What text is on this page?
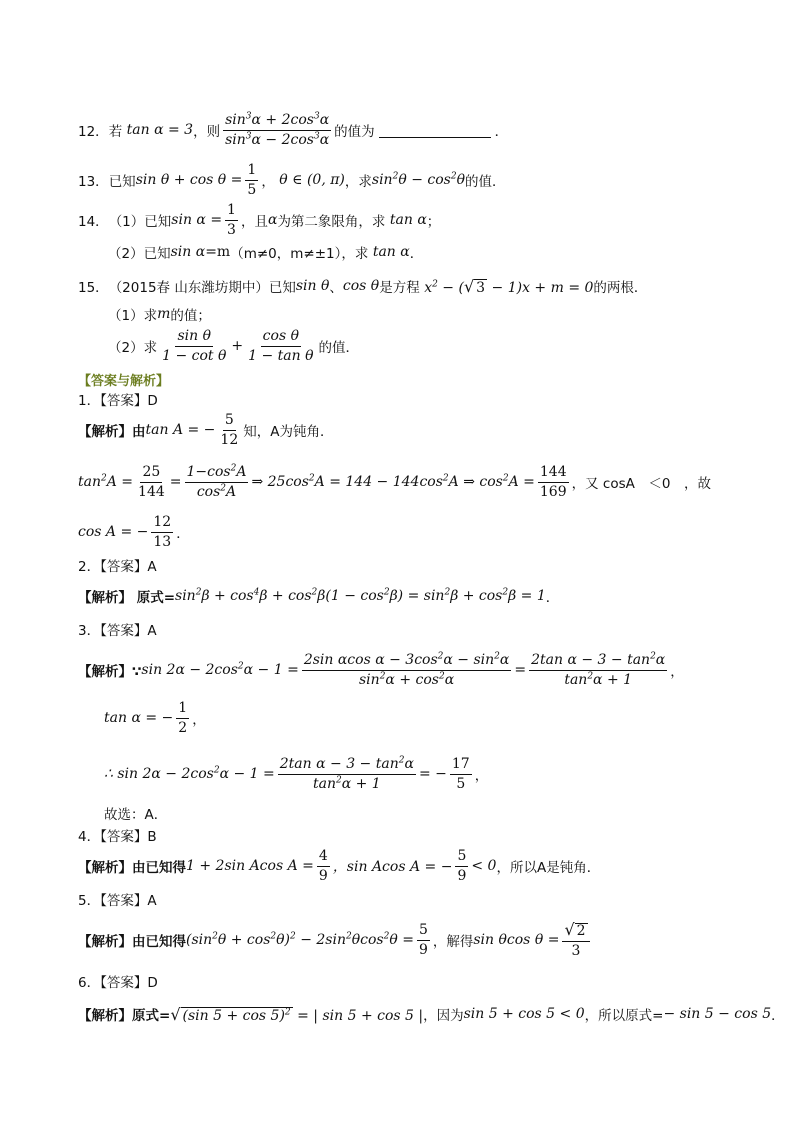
12． 若 tan α = 3 ，则 $\frac{\sin^3\alpha + 2\cos^3\alpha}{\sin^3\alpha - 2\cos^3\alpha}$ 的值为	．
13． 已知 $\sin \theta + \cos \theta = \frac{1}{5}$ ， θ ∈ (0, π) ，求 $\sin^2\theta - \cos^2\theta$ 的值．
14． （1）已知 $\sin \alpha = \frac{1}{3}$ ，且 α 为第二象限角，求 tan α ；
（2）已知 sin α =m （m≠0，m≠±1），求 tan α ．
15． （2015春 山东潍坊期中）已知 sin θ 、 cos θ 是方程 $x^2$ − ( √ 3 − 1)x + m = 0 的两根．
（1）求 m 的值；
（2）求 $\frac{\text{sin θ}}{\text{1 − cot θ}} + \frac{\text{cos θ}}{\text{1 − tan θ}}$ 的值．
【答案与解析】
1．【答案】D
【解析】由 tan A = − $\frac{5}{12}$ 知，A为钝角．
$\tan^2A = \frac{25}{144} = \frac{1-\cos^2A}{\cos^2A}$ ⇒ $25\cos^2A = 144 - 144\cos^2A$ ⇒ $\cos^2A = \frac{144}{169}$ ，又 cosA　＜0　，故
cos A = − $\frac{12}{13}$ ．
2．【答案】A
【解析】 原式= $\sin^2\beta + \cos^4\beta + \cos^2\beta(1 - \cos^2\beta) = \sin^2\beta + \cos^2\beta = 1$ ．
3．【答案】A
【解析】∵ $\sin 2\alpha - 2\cos^2\alpha - 1 = \frac{2\sin \alpha\cos \alpha - 3\cos^2\alpha - \sin^2\alpha}{\sin^2\alpha + \cos^2\alpha} = \frac{2\tan \alpha - 3 - \tan^2\alpha}{\tan^2\alpha + 1}$ ，
tan α = − $\frac{1}{2}$ ，
∴ $\sin 2\alpha - 2\cos^2\alpha - 1 = \frac{2\tan \alpha - 3 - \tan^2\alpha}{\tan^2\alpha + 1}$ = − $\frac{17}{5}$ ，
故选：A．
4．【答案】B
【解析】由已知得 1 + 2sin Acos $A = \frac{4}{9}$ ，sin Acos A = − $\frac{5}{9} < 0$ ，所以A是钝角．
5．【答案】A
【解析】由已知得 $(\sin^2\theta + \cos^2\theta)^2 - 2\sin^2\theta\cos^2\theta = \frac{5}{9}$ ，解得 sin θcos $\theta = \frac{√ 2}{3}$
6．【答案】D
【解析】原式= √ (sin 5 + cos 5)$^2$ = | sin 5 + cos 5 | ，因为 sin 5 + cos 5 < 0 ，所以原式= − sin 5 − cos 5 ．
